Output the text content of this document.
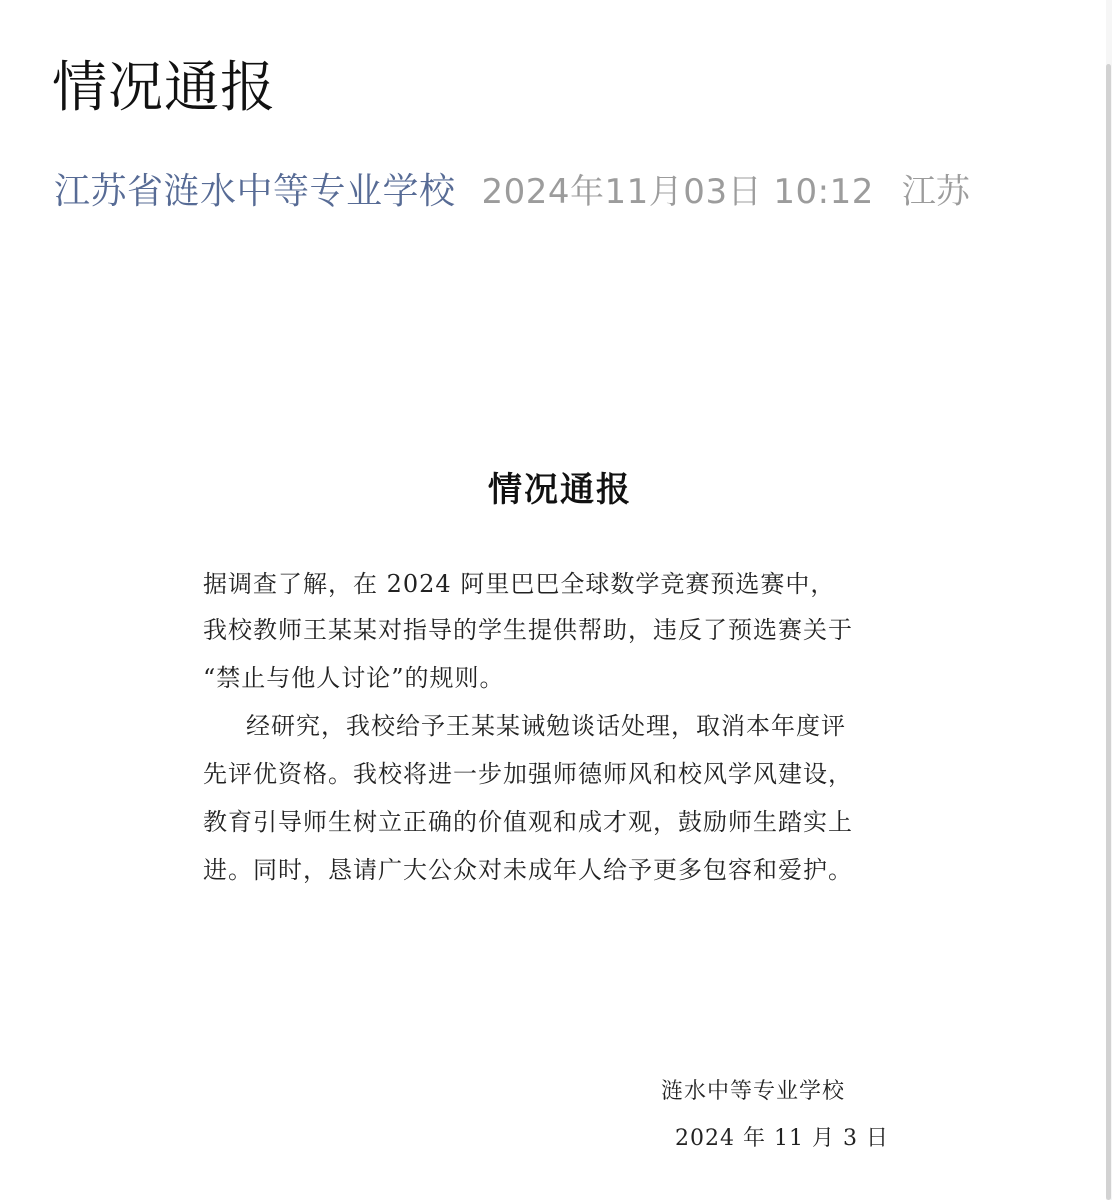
情况通报
江苏省涟水中等专业学校 2024年11月03日 10:12 江苏
情况通报

据调查了解，在 2024 阿里巴巴全球数学竞赛预选赛中，

我校教师王某某对指导的学生提供帮助，违反了预选赛关于

“禁止与他人讨论”的规则。

经研究，我校给予王某某诫勉谈话处理，取消本年度评

先评优资格。我校将进一步加强师德师风和校风学风建设，

教育引导师生树立正确的价值观和成才观，鼓励师生踏实上

进。同时，恳请广大公众对未成年人给予更多包容和爱护。

涟水中等专业学校

2024 年 11 月 3 日
